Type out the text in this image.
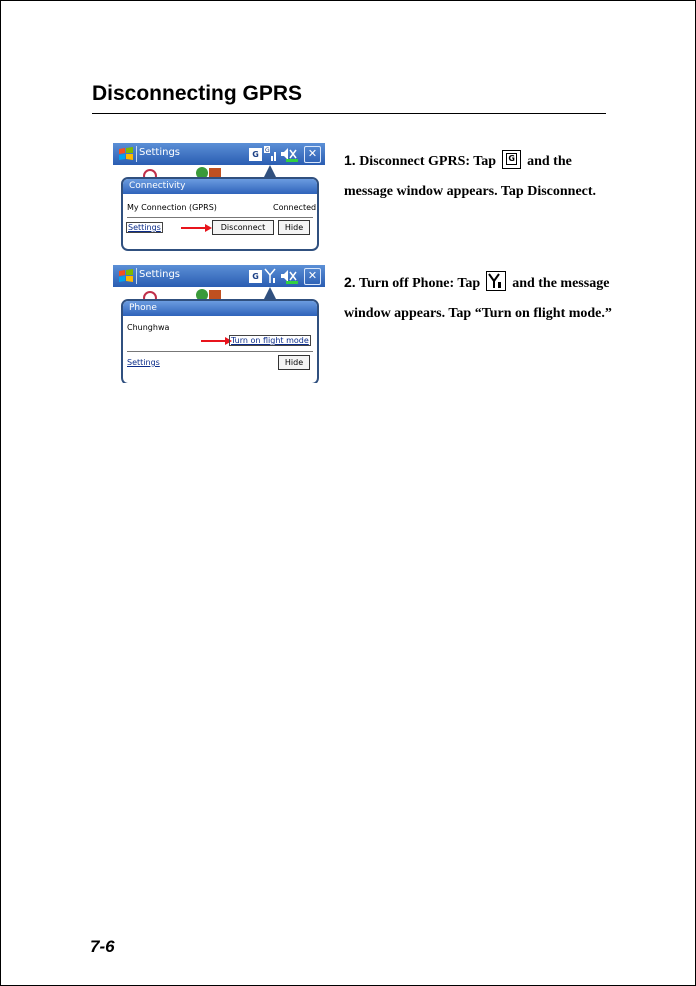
Disconnecting GPRS
Settings	G	G	✕
Connectivity
My Connection (GPRS)	Connected
Settings	Disconnect	Hide
Settings	G	✕
Phone
Chunghwa
Turn on flight mode
Settings	Hide
1. Disconnect GPRS: Tap G and the message window appears. Tap Disconnect.
2. Turn off Phone: Tap and the message window appears. Tap “Turn on flight mode.”
7-6
